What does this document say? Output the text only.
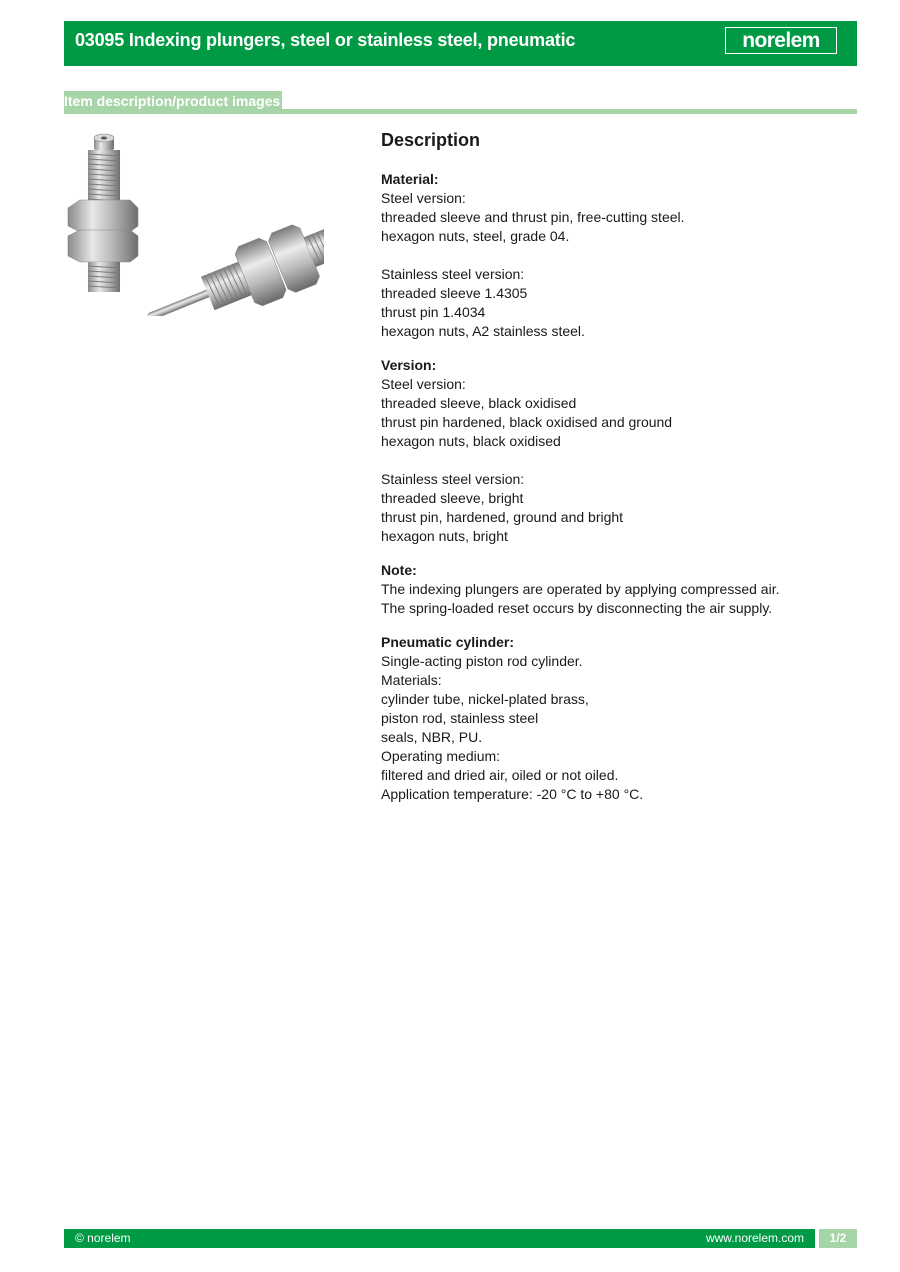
03095 Indexing plungers, steel or stainless steel, pneumatic	norelem
Item description/product images
Description
Material:
Steel version:
threaded sleeve and thrust pin, free-cutting steel.
hexagon nuts, steel, grade 04.
Stainless steel version:
threaded sleeve 1.4305
thrust pin 1.4034
hexagon nuts, A2 stainless steel.
Version:
Steel version:
threaded sleeve, black oxidised
thrust pin hardened, black oxidised and ground
hexagon nuts, black oxidised
Stainless steel version:
threaded sleeve, bright
thrust pin, hardened, ground and bright
hexagon nuts, bright
Note:
The indexing plungers are operated by applying compressed air.
The spring-loaded reset occurs by disconnecting the air supply.
Pneumatic cylinder:
Single-acting piston rod cylinder.
Materials:
cylinder tube, nickel-plated brass,
piston rod, stainless steel
seals, NBR, PU.
Operating medium:
filtered and dried air, oiled or not oiled.
Application temperature: -20 °C to +80 °C.
© norelem	www.norelem.com	1/2
